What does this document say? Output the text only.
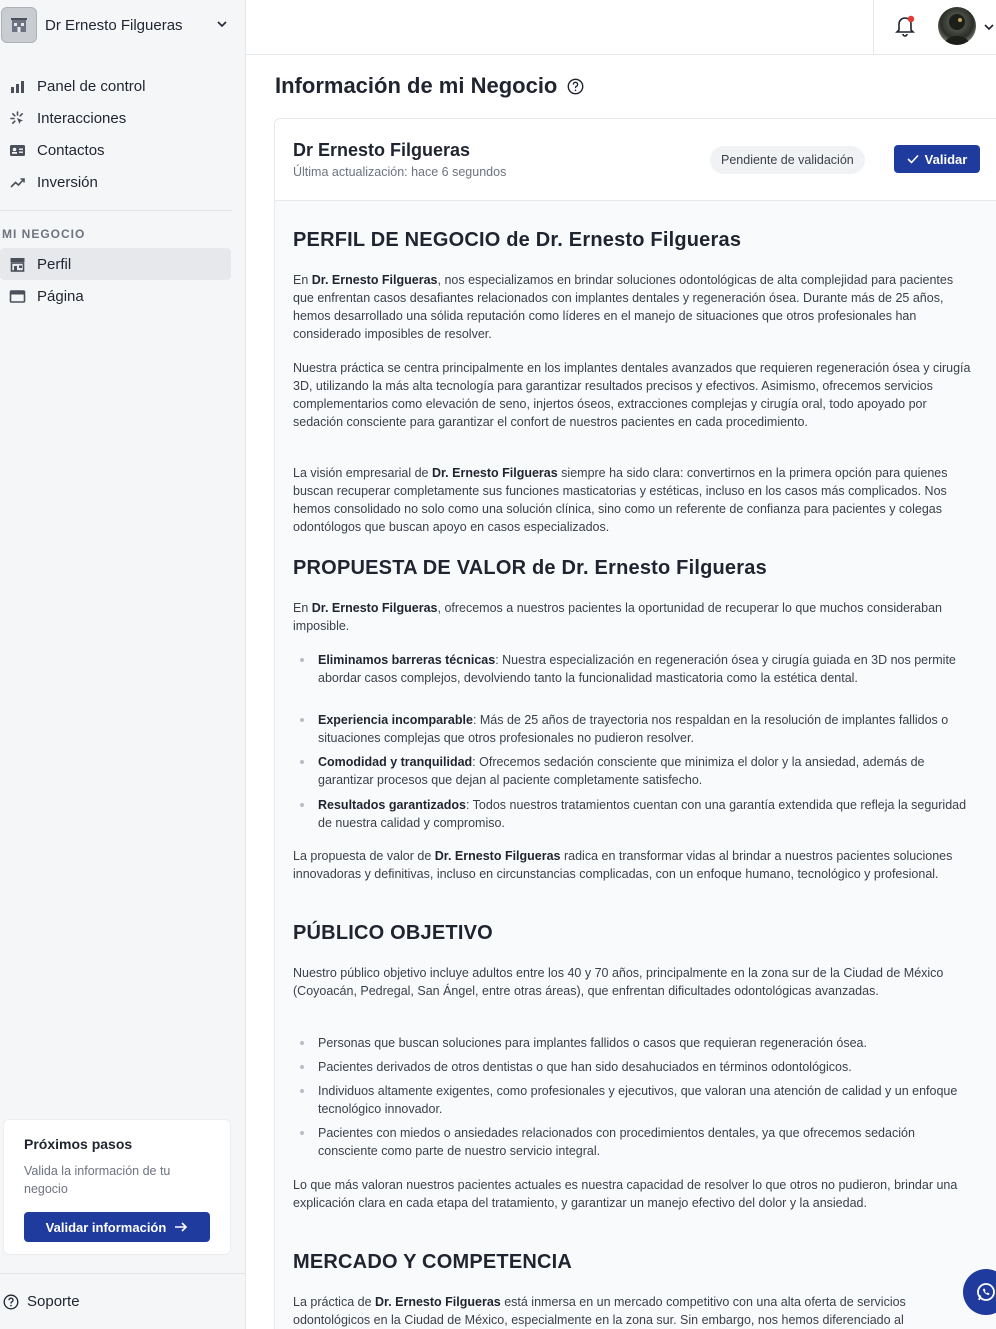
Dr Ernesto Filgueras
Panel de control
Interacciones
Contactos
Inversión
MI NEGOCIO
Perfil
Página
Próximos pasos
Valida la información de tu negocio
Validar información
Soporte
Información de mi Negocio
Dr Ernesto Filgueras
Última actualización: hace 6 segundos
Pendiente de validación	Validar
PERFIL DE NEGOCIO de Dr. Ernesto Filgueras
En Dr. Ernesto Filgueras, nos especializamos en brindar soluciones odontológicas de alta complejidad para pacientes que enfrentan casos desafiantes relacionados con implantes dentales y regeneración ósea. Durante más de 25 años, hemos desarrollado una sólida reputación como líderes en el manejo de situaciones que otros profesionales han considerado imposibles de resolver.
Nuestra práctica se centra principalmente en los implantes dentales avanzados que requieren regeneración ósea y cirugía 3D, utilizando la más alta tecnología para garantizar resultados precisos y efectivos. Asimismo, ofrecemos servicios complementarios como elevación de seno, injertos óseos, extracciones complejas y cirugía oral, todo apoyado por sedación consciente para garantizar el confort de nuestros pacientes en cada procedimiento.
La visión empresarial de Dr. Ernesto Filgueras siempre ha sido clara: convertirnos en la primera opción para quienes buscan recuperar completamente sus funciones masticatorias y estéticas, incluso en los casos más complicados. Nos hemos consolidado no solo como una solución clínica, sino como un referente de confianza para pacientes y colegas odontólogos que buscan apoyo en casos especializados.
PROPUESTA DE VALOR de Dr. Ernesto Filgueras
En Dr. Ernesto Filgueras, ofrecemos a nuestros pacientes la oportunidad de recuperar lo que muchos consideraban imposible.
Eliminamos barreras técnicas: Nuestra especialización en regeneración ósea y cirugía guiada en 3D nos permite abordar casos complejos, devolviendo tanto la funcionalidad masticatoria como la estética dental.
Experiencia incomparable: Más de 25 años de trayectoria nos respaldan en la resolución de implantes fallidos o situaciones complejas que otros profesionales no pudieron resolver.
Comodidad y tranquilidad: Ofrecemos sedación consciente que minimiza el dolor y la ansiedad, además de garantizar procesos que dejan al paciente completamente satisfecho.
Resultados garantizados: Todos nuestros tratamientos cuentan con una garantía extendida que refleja la seguridad de nuestra calidad y compromiso.
La propuesta de valor de Dr. Ernesto Filgueras radica en transformar vidas al brindar a nuestros pacientes soluciones innovadoras y definitivas, incluso en circunstancias complicadas, con un enfoque humano, tecnológico y profesional.
PÚBLICO OBJETIVO
Nuestro público objetivo incluye adultos entre los 40 y 70 años, principalmente en la zona sur de la Ciudad de México (Coyoacán, Pedregal, San Ángel, entre otras áreas), que enfrentan dificultades odontológicas avanzadas.
Personas que buscan soluciones para implantes fallidos o casos que requieran regeneración ósea.
Pacientes derivados de otros dentistas o que han sido desahuciados en términos odontológicos.
Individuos altamente exigentes, como profesionales y ejecutivos, que valoran una atención de calidad y un enfoque tecnológico innovador.
Pacientes con miedos o ansiedades relacionados con procedimientos dentales, ya que ofrecemos sedación consciente como parte de nuestro servicio integral.
Lo que más valoran nuestros pacientes actuales es nuestra capacidad de resolver lo que otros no pudieron, brindar una explicación clara en cada etapa del tratamiento, y garantizar un manejo efectivo del dolor y la ansiedad.
MERCADO Y COMPETENCIA
La práctica de Dr. Ernesto Filgueras está inmersa en un mercado competitivo con una alta oferta de servicios odontológicos en la Ciudad de México, especialmente en la zona sur. Sin embargo, nos hemos diferenciado al
